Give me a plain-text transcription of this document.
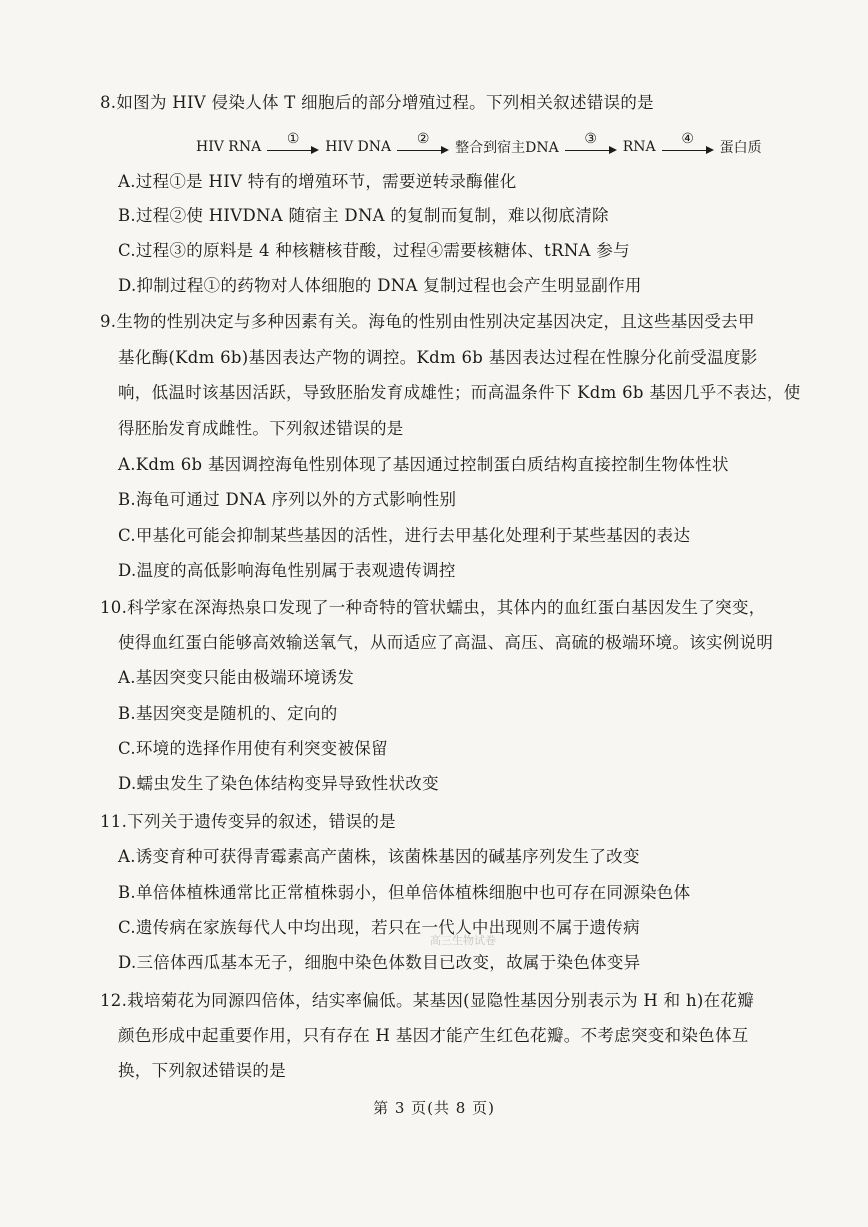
8.如图为 HIV 侵染人体 T 细胞后的部分增殖过程。下列相关叙述错误的是
HIV RNA	①	HIV DNA	②
整合到宿主DNA
③	RNA	④
蛋白质
A.过程①是 HIV 特有的增殖环节，需要逆转录酶催化
B.过程②使 HIVDNA 随宿主 DNA 的复制而复制，难以彻底清除
C.过程③的原料是 4 种核糖核苷酸，过程④需要核糖体、tRNA 参与
D.抑制过程①的药物对人体细胞的 DNA 复制过程也会产生明显副作用
9.生物的性别决定与多种因素有关。海龟的性别由性别决定基因决定，且这些基因受去甲
基化酶(Kdm 6b)基因表达产物的调控。Kdm 6b 基因表达过程在性腺分化前受温度影
响，低温时该基因活跃，导致胚胎发育成雄性；而高温条件下 Kdm 6b 基因几乎不表达，使
得胚胎发育成雌性。下列叙述错误的是
A.Kdm 6b 基因调控海龟性别体现了基因通过控制蛋白质结构直接控制生物体性状
B.海龟可通过 DNA 序列以外的方式影响性别
C.甲基化可能会抑制某些基因的活性，进行去甲基化处理利于某些基因的表达
D.温度的高低影响海龟性别属于表观遗传调控
10.科学家在深海热泉口发现了一种奇特的管状蠕虫，其体内的血红蛋白基因发生了突变，
使得血红蛋白能够高效输送氧气，从而适应了高温、高压、高硫的极端环境。该实例说明
A.基因突变只能由极端环境诱发
B.基因突变是随机的、定向的
C.环境的选择作用使有利突变被保留
D.蠕虫发生了染色体结构变异导致性状改变
11.下列关于遗传变异的叙述，错误的是
A.诱变育种可获得青霉素高产菌株，该菌株基因的碱基序列发生了改变
B.单倍体植株通常比正常植株弱小，但单倍体植株细胞中也可存在同源染色体
C.遗传病在家族每代人中均出现，若只在一代人中出现则不属于遗传病
高三生物试卷
D.三倍体西瓜基本无子，细胞中染色体数目已改变，故属于染色体变异
12.栽培菊花为同源四倍体，结实率偏低。某基因(显隐性基因分别表示为 H 和 h)在花瓣
颜色形成中起重要作用，只有存在 H 基因才能产生红色花瓣。不考虑突变和染色体互
换，下列叙述错误的是
第 3 页(共 8 页)
